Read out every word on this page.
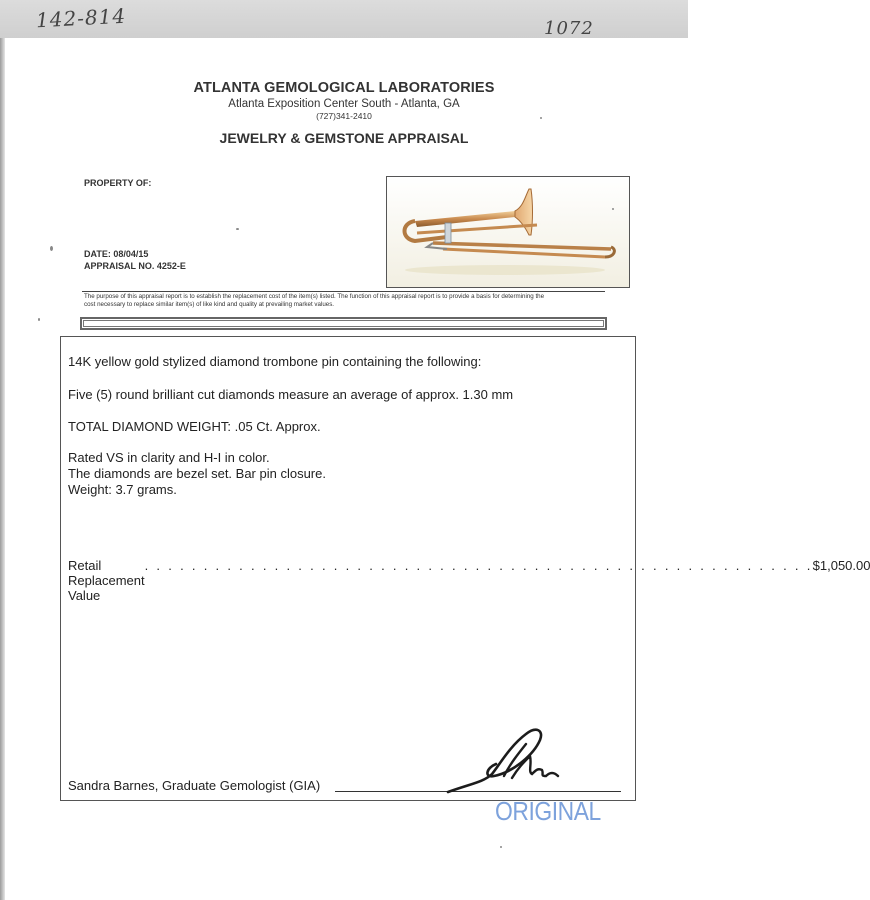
142-814	1072
ATLANTA GEMOLOGICAL LABORATORIES
Atlanta Exposition Center South - Atlanta, GA
(727)341-2410
JEWELRY & GEMSTONE APPRAISAL
PROPERTY OF:
DATE: 08/04/15
APPRAISAL NO. 4252-E
The purpose of this appraisal report is to establish the replacement cost of the item(s) listed. The function of this appraisal report is to provide a basis for determining the
cost necessary to replace similar item(s) of like kind and quality at prevailing market values.
14K yellow gold stylized diamond trombone pin containing the following:
Five (5) round brilliant cut diamonds measure an average of approx. 1.30 mm
TOTAL DIAMOND WEIGHT: .05 Ct. Approx.
Rated VS in clarity and H-I in color.
The diamonds are bezel set. Bar pin closure.
Weight: 3.7 grams.
Retail Replacement Value
. . . . . . . . . . . . . . . . . . . . . . . . . . . . . . . . . . . . . . . . . . . . . . . . . . . . . . . . . $1,050.00
Sandra Barnes, Graduate Gemologist (GIA)
ORIGINAL
